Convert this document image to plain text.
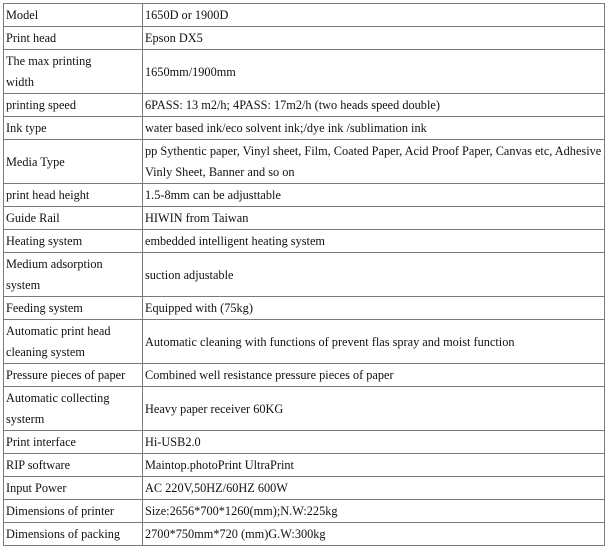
Model	1650D or 1900D
Print head	Epson DX5
The max printing
width	1650mm/1900mm
printing speed	6PASS: 13 m2/h; 4PASS: 17m2/h (two heads speed double)
Ink type	water based ink/eco solvent ink;/dye ink /sublimation ink
Media Type	pp Sythentic paper, Vinyl sheet, Film, Coated Paper, Acid Proof Paper, Canvas etc, Adhesive Vinly Sheet, Banner and so on
print head height	1.5-8mm can be adjusttable
Guide Rail	HIWIN from Taiwan
Heating system	embedded intelligent heating system
Medium adsorption
system	suction adjustable
Feeding system	Equipped with (75kg)
Automatic print head
cleaning system	Automatic cleaning with functions of prevent flas spray and moist function
Pressure pieces of paper	Combined well resistance pressure pieces of paper
Automatic collecting
systerm	Heavy paper receiver 60KG
Print interface	Hi-USB2.0
RIP software	Maintop.photoPrint UltraPrint
Input Power	AC 220V,50HZ/60HZ 600W
Dimensions of printer	Size:2656*700*1260(mm);N.W:225kg
Dimensions of packing	2700*750mm*720 (mm)G.W:300kg
